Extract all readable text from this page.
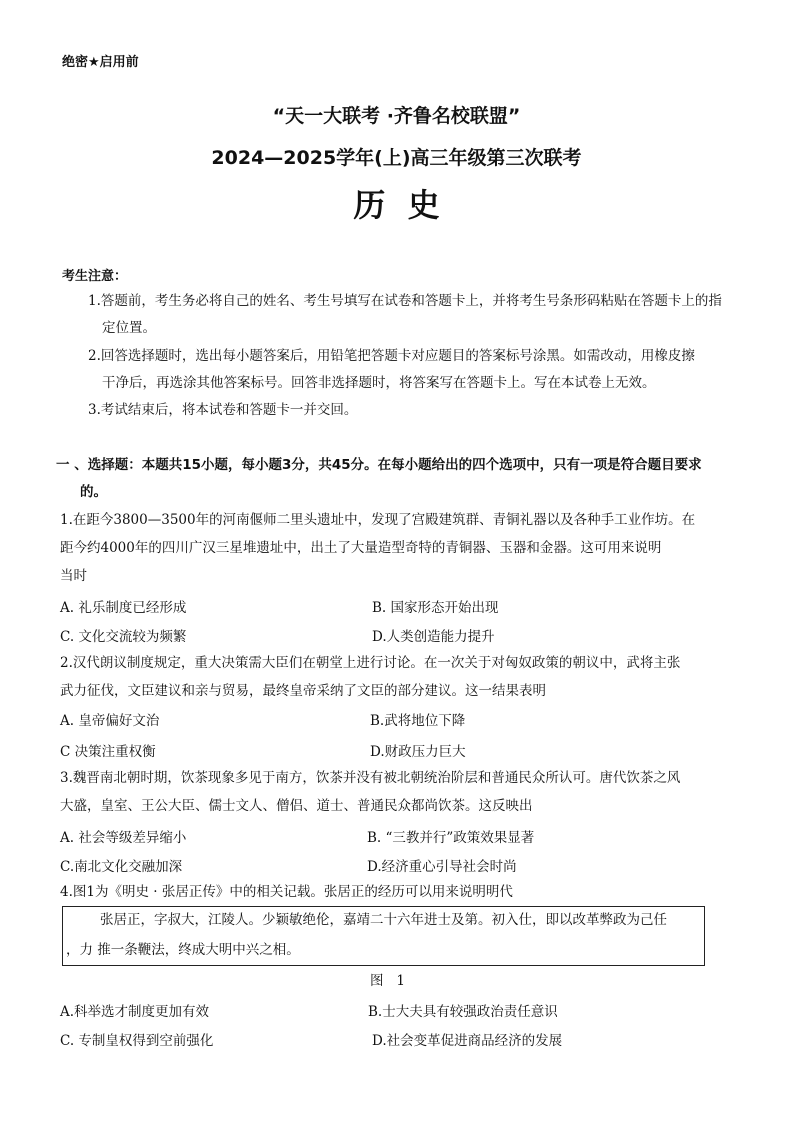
绝密★启用前
“天一大联考 ·齐鲁名校联盟”
2024—2025学年(上)高三年级第三次联考
历  史
考生注意：
1.答题前，考生务必将自己的姓名、考生号填写在试卷和答题卡上，并将考生号条形码粘贴在答题卡上的指
定位置。
2.回答选择题时，选出每小题答案后，用铅笔把答题卡对应题目的答案标号涂黑。如需改动，用橡皮擦
干净后，再选涂其他答案标号。回答非选择题时，将答案写在答题卡上。写在本试卷上无效。
3.考试结束后，将本试卷和答题卡一并交回。
一 、选择题：本题共15小题，每小题3分，共45分。在每小题给出的四个选项中，只有一项是符合题目要求
的。
1.在距今3800—3500年的河南偃师二里头遗址中，发现了宫殿建筑群、青铜礼器以及各种手工业作坊。在
距今约4000年的四川广汉三星堆遗址中，出土了大量造型奇特的青铜器、玉器和金器。这可用来说明
当时
A. 礼乐制度已经形成	B. 国家形态开始出现
C. 文化交流较为频繁	D.人类创造能力提升
2.汉代朗议制度规定，重大决策需大臣们在朝堂上进行讨论。在一次关于对匈奴政策的朝议中，武将主张
武力征伐，文臣建议和亲与贸易，最终皇帝采纳了文臣的部分建议。这一结果表明
A. 皇帝偏好文治	B.武将地位下降
C 决策注重权衡	D.财政压力巨大
3.魏晋南北朝时期，饮茶现象多见于南方，饮茶并没有被北朝统治阶层和普通民众所认可。唐代饮茶之风
大盛，皇室、王公大臣、儒士文人、僧侣、道士、普通民众都尚饮茶。这反映出
A. 社会等级差异缩小	B. “三教并行”政策效果显著
C.南北文化交融加深	D.经济重心引导社会时尚
4.图1为《明史 · 张居正传》中的相关记载。张居正的经历可以用来说明明代
张居正，字叔大，江陵人。少颖敏绝伦，嘉靖二十六年进士及第。初入仕，即以改革弊政为己任
，力 推一条鞭法，终成大明中兴之相。
图   1
A.科举选才制度更加有效	B.士大夫具有较强政治责任意识
C. 专制皇权得到空前强化	D.社会变革促进商品经济的发展
